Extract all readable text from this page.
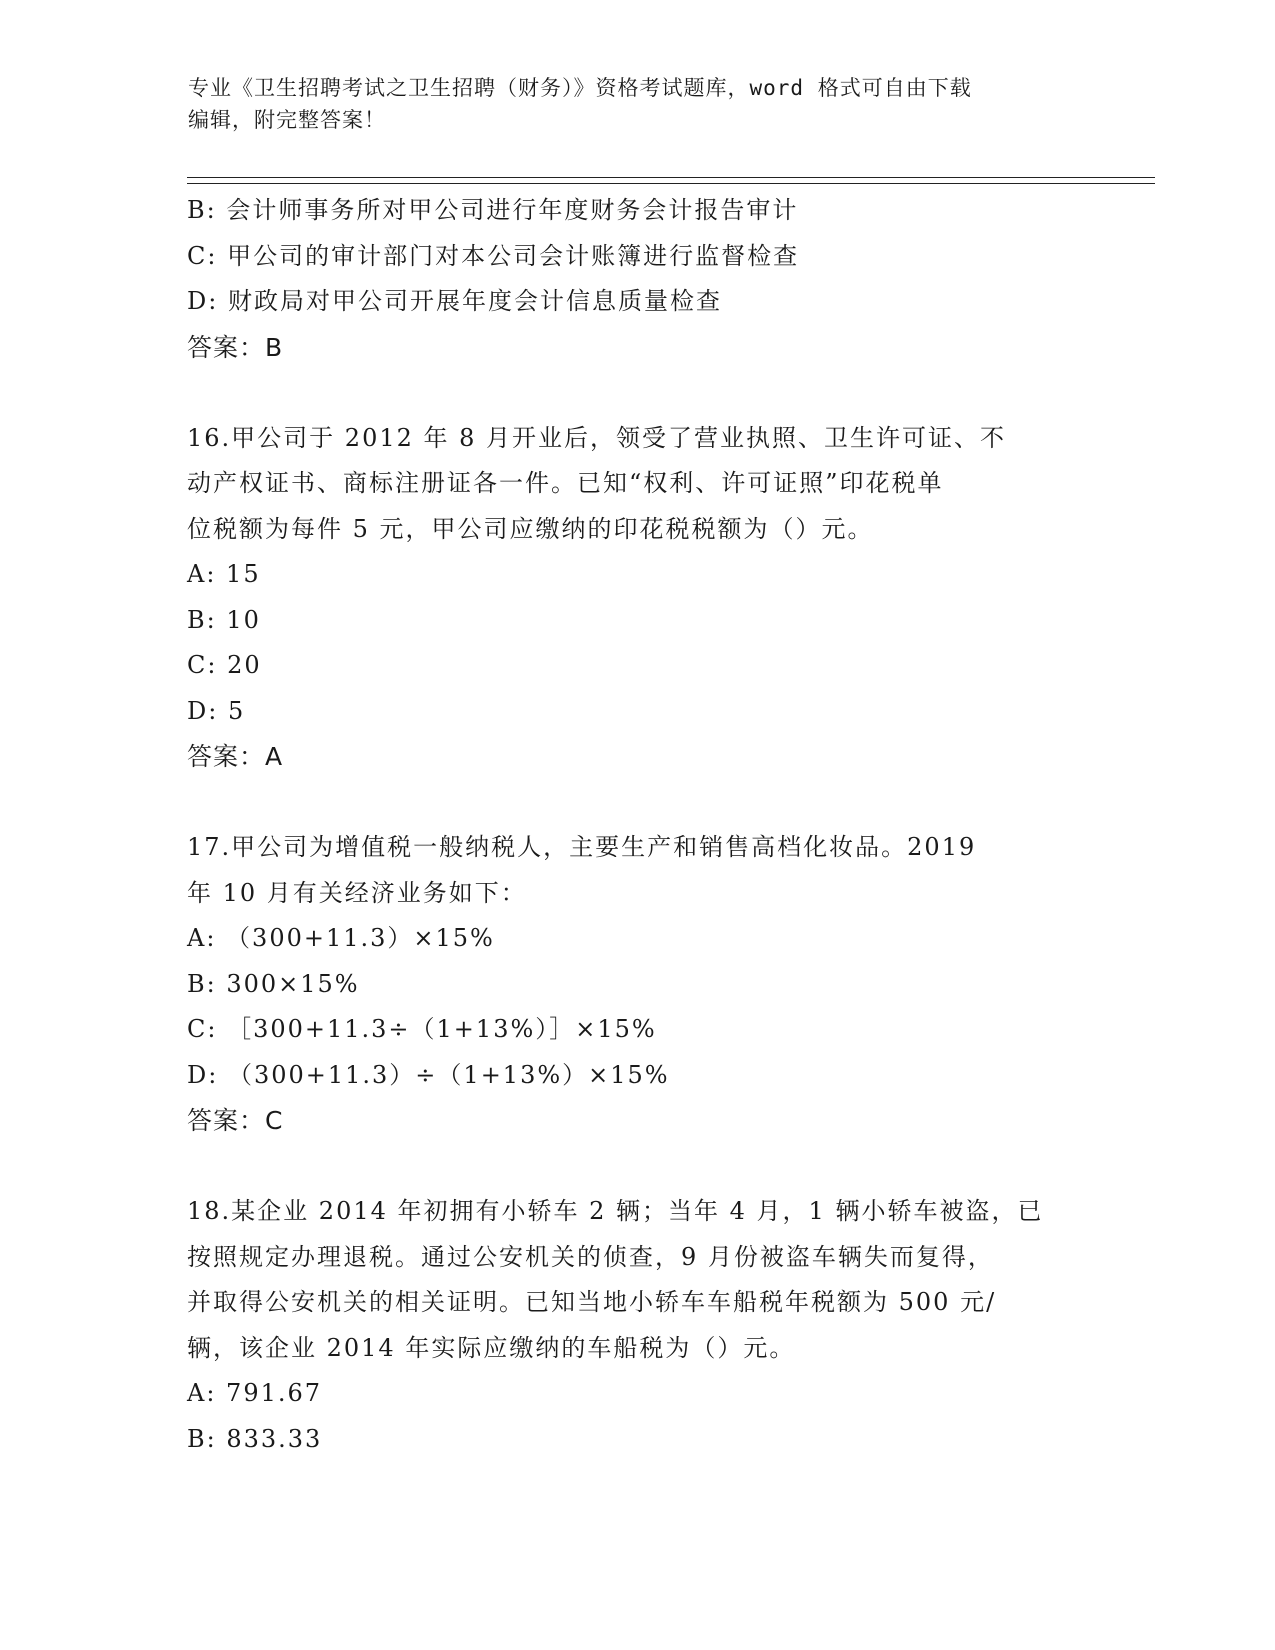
专业《卫生招聘考试之卫生招聘（财务）》资格考试题库，word 格式可自由下载
编辑，附完整答案！
B: 会计师事务所对甲公司进行年度财务会计报告审计
C: 甲公司的审计部门对本公司会计账簿进行监督检查
D: 财政局对甲公司开展年度会计信息质量检查
答案：B
16.甲公司于 2012 年 8 月开业后，领受了营业执照、卫生许可证、不
动产权证书、商标注册证各一件。已知“权利、许可证照”印花税单
位税额为每件 5 元，甲公司应缴纳的印花税税额为（）元。
A: 15
B: 10
C: 20
D: 5
答案：A
17.甲公司为增值税一般纳税人，主要生产和销售高档化妆品。2019
年 10 月有关经济业务如下：
A: （300+11.3）×15%
B: 300×15%
C: ［300+11.3÷（1+13%）］×15%
D: （300+11.3）÷（1+13%）×15%
答案：C
18.某企业 2014 年初拥有小轿车 2 辆；当年 4 月，1 辆小轿车被盗，已
按照规定办理退税。通过公安机关的侦查，9 月份被盗车辆失而复得，
并取得公安机关的相关证明。已知当地小轿车车船税年税额为 500 元/
辆，该企业 2014 年实际应缴纳的车船税为（）元。
A: 791.67
B: 833.33
